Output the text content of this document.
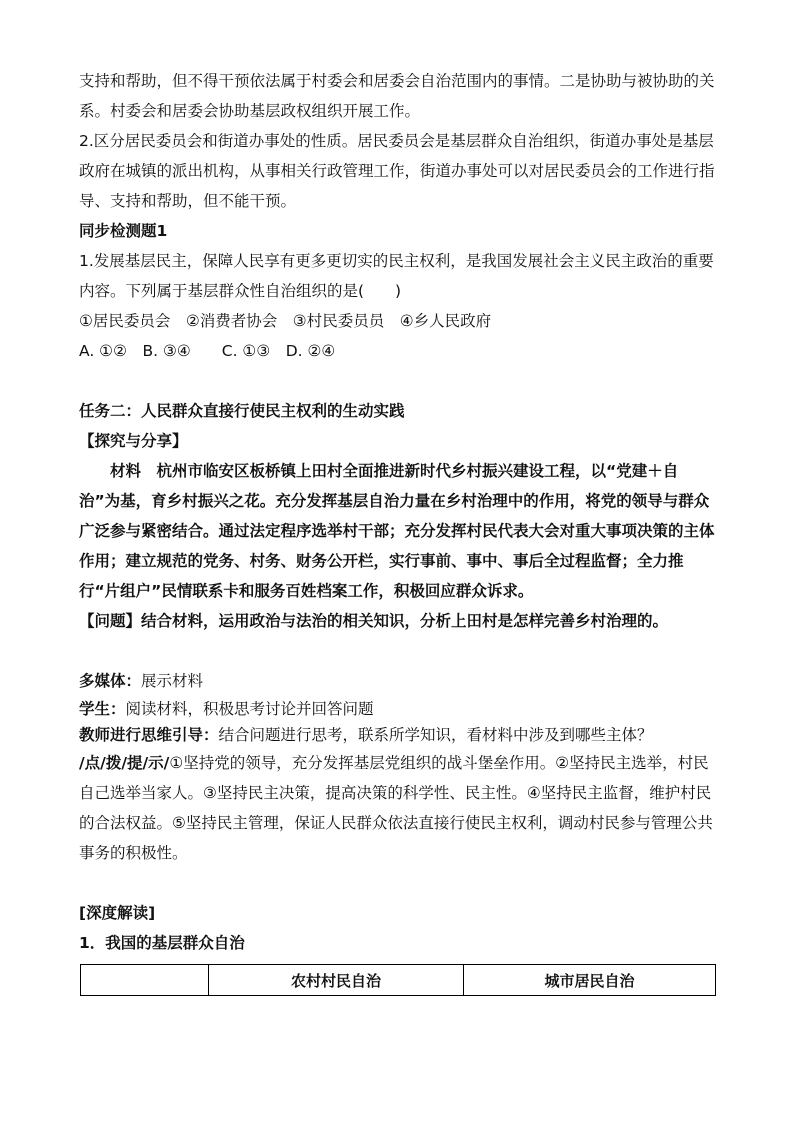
支持和帮助，但不得干预依法属于村委会和居委会自治范围内的事情。二是协助与被协助的关系。村委会和居委会协助基层政权组织开展工作。

2.区分居民委员会和街道办事处的性质。居民委员会是基层群众自治组织，街道办事处是基层政府在城镇的派出机构，从事相关行政管理工作，街道办事处可以对居民委员会的工作进行指导、支持和帮助，但不能干预。

同步检测题1

1.发展基层民主，保障人民享有更多更切实的民主权利，是我国发展社会主义民主政治的重要内容。下列属于基层群众性自治组织的是(　　)

①居民委员会　②消费者协会　③村民委员员　④乡人民政府

A. ①②　B. ③④　　C. ①③　D. ②④

任务二：人民群众直接行使民主权利的生动实践

【探究与分享】

材料　杭州市临安区板桥镇上田村全面推进新时代乡村振兴建设工程，以“党建＋自治”为基，育乡村振兴之花。充分发挥基层自治力量在乡村治理中的作用，将党的领导与群众广泛参与紧密结合。通过法定程序选举村干部；充分发挥村民代表大会对重大事项决策的主体作用；建立规范的党务、村务、财务公开栏，实行事前、事中、事后全过程监督；全力推行“片组户”民情联系卡和服务百姓档案工作，积极回应群众诉求。

【问题】结合材料，运用政治与法治的相关知识，分析上田村是怎样完善乡村治理的。

多媒体：展示材料

学生：阅读材料，积极思考讨论并回答问题

教师进行思维引导：结合问题进行思考，联系所学知识，看材料中涉及到哪些主体？

/点/拨/提/示/①坚持党的领导，充分发挥基层党组织的战斗堡垒作用。②坚持民主选举，村民自己选举当家人。③坚持民主决策，提高决策的科学性、民主性。④坚持民主监督，维护村民的合法权益。⑤坚持民主管理，保证人民群众依法直接行使民主权利，调动村民参与管理公共事务的积极性。

[深度解读]

1．我国的基层群众自治

	农村村民自治	城市居民自治
